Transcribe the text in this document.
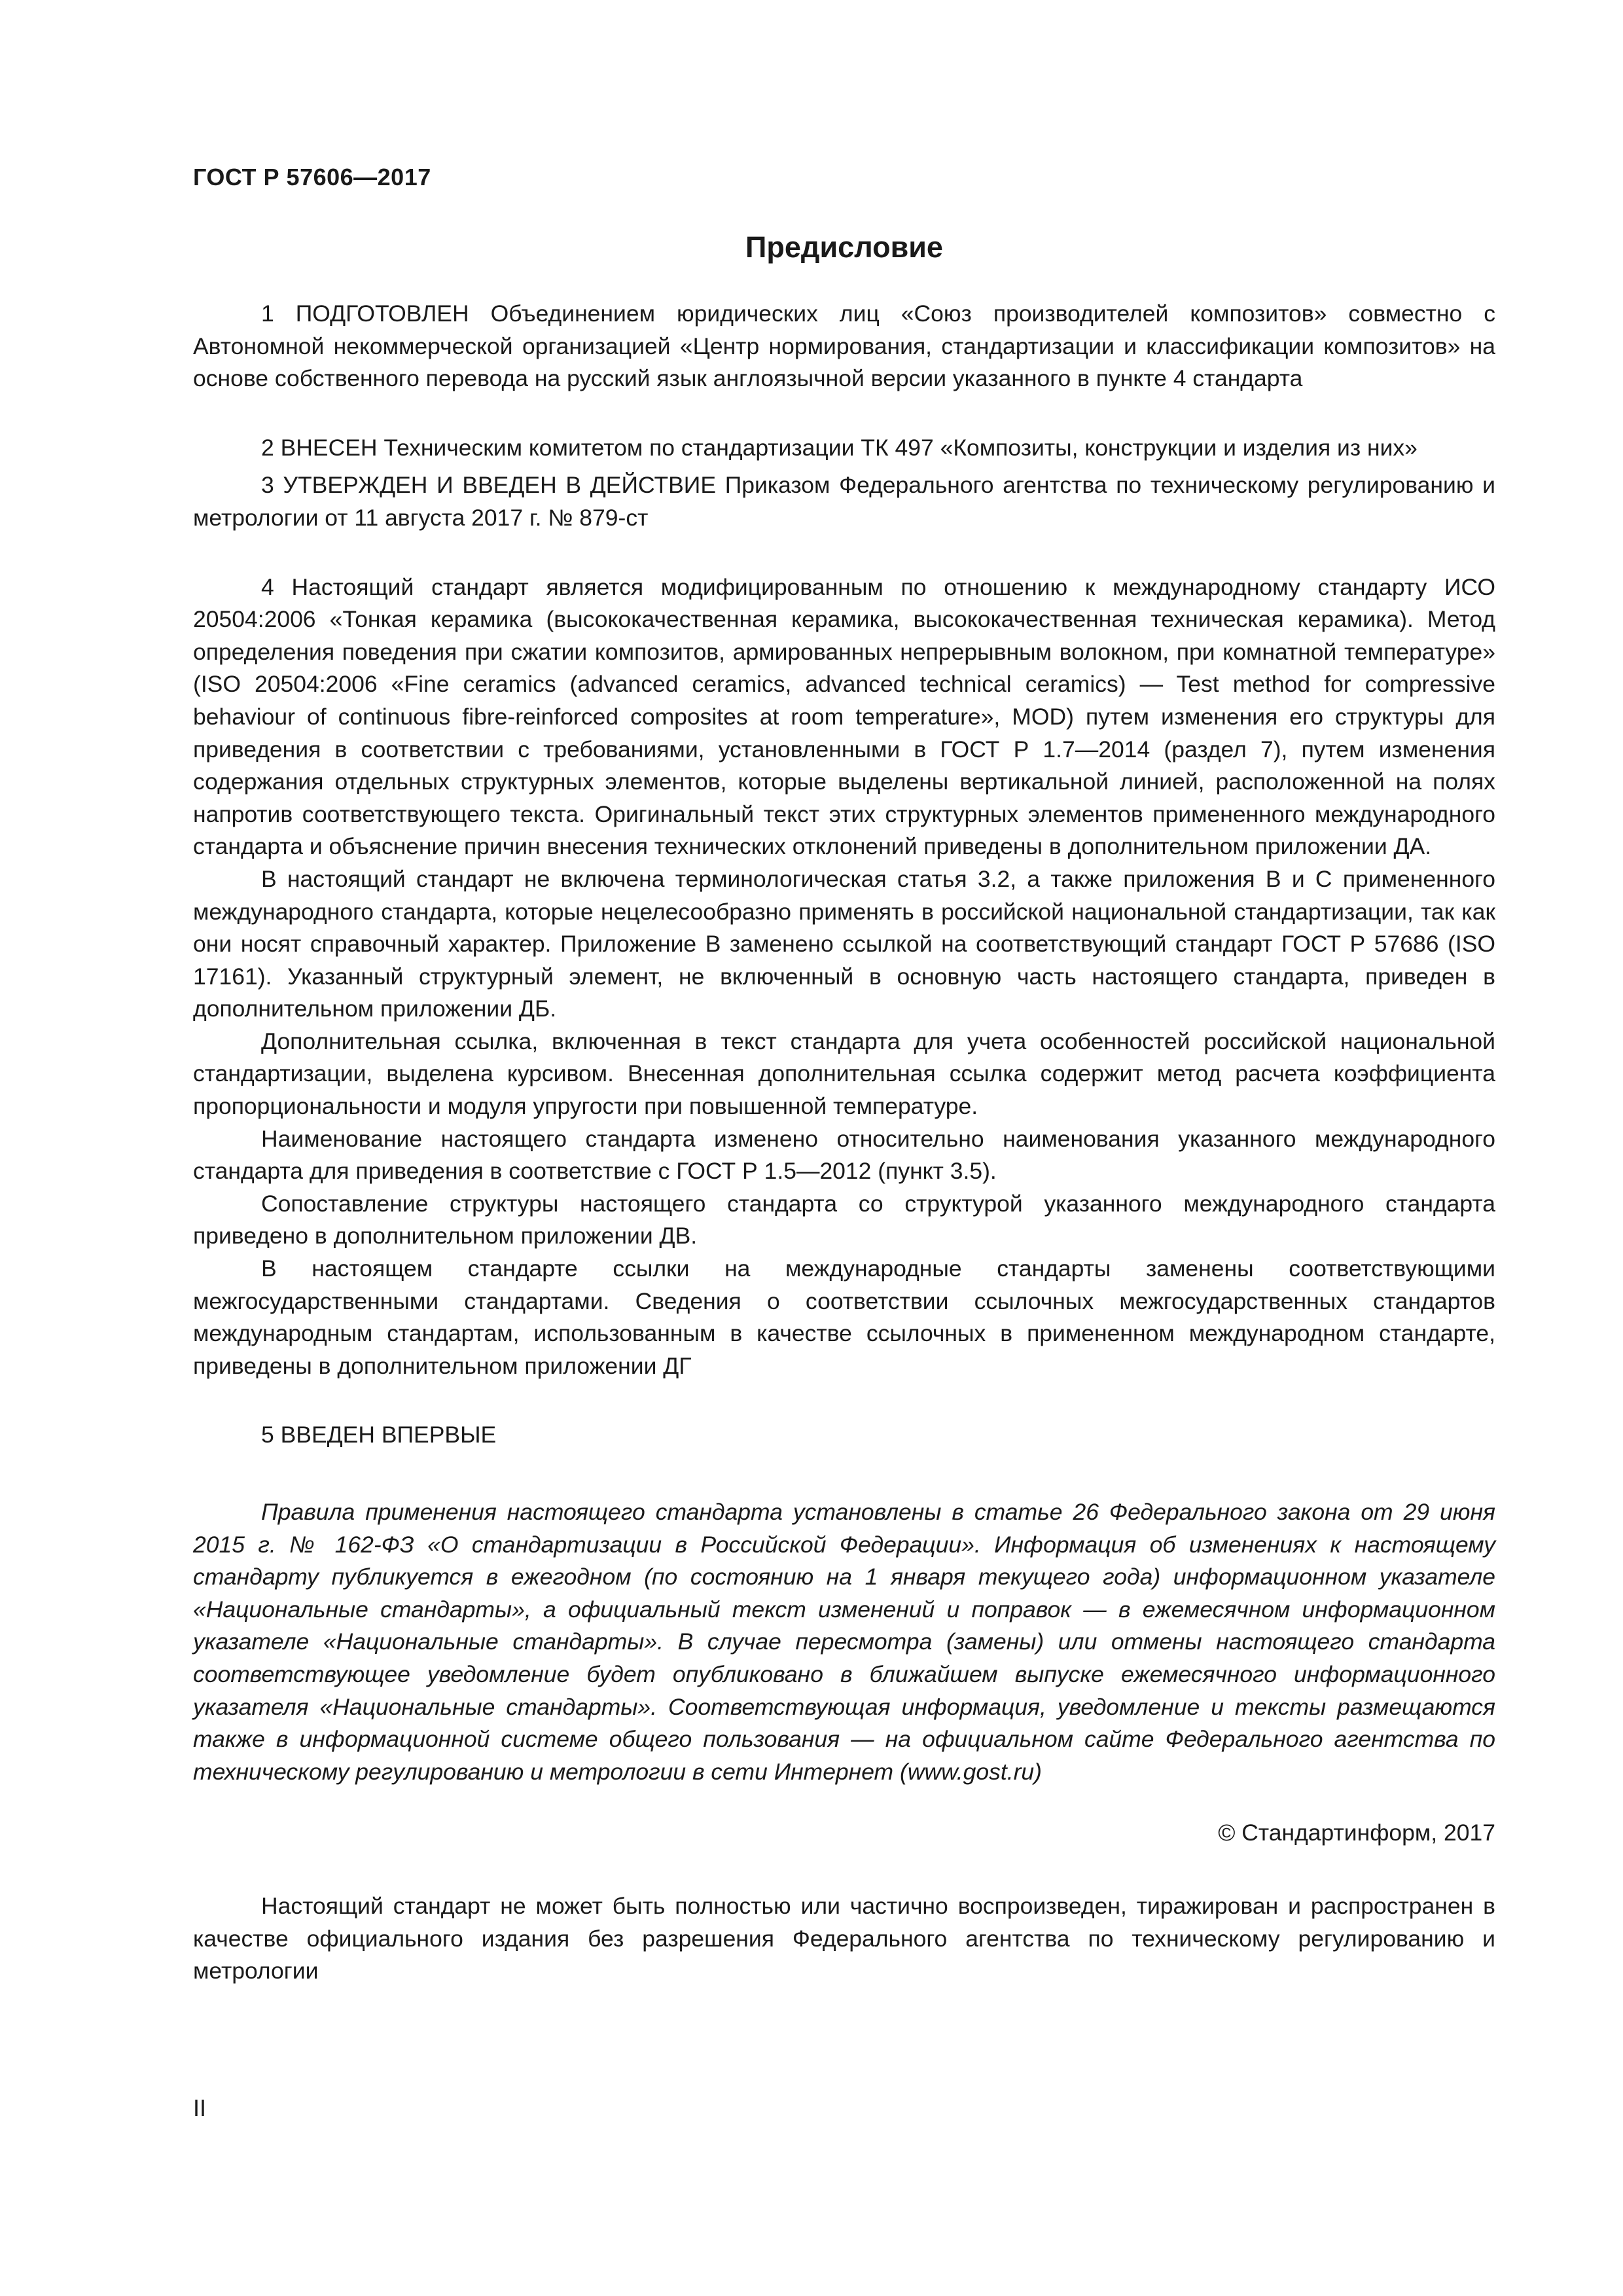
ГОСТ Р 57606—2017
Предисловие

1 ПОДГОТОВЛЕН Объединением юридических лиц «Союз производителей композитов» совместно с Автономной некоммерческой организацией «Центр нормирования, стандартизации и классификации композитов» на основе собственного перевода на русский язык англоязычной версии указанного в пункте 4 стандарта

2 ВНЕСЕН Техническим комитетом по стандартизации ТК 497 «Композиты, конструкции и изделия из них»

3 УТВЕРЖДЕН И ВВЕДЕН В ДЕЙСТВИЕ Приказом Федерального агентства по техническому регулированию и метрологии от 11 августа 2017 г. № 879-ст

4 Настоящий стандарт является модифицированным по отношению к международному стандарту ИСО 20504:2006 «Тонкая керамика (высококачественная керамика, высококачественная техническая керамика). Метод определения поведения при сжатии композитов, армированных непрерывным волокном, при комнатной температуре» (ISO 20504:2006 «Fine ceramics (advanced ceramics, advanced technical ceramics) — Test method for compressive behaviour of continuous fibre-reinforced composites at room temperature», MOD) путем изменения его структуры для приведения в соответствии с требованиями, установленными в ГОСТ Р 1.7—2014 (раздел 7), путем изменения содержания отдельных структурных элементов, которые выделены вертикальной линией, расположенной на полях напротив соответствующего текста. Оригинальный текст этих структурных элементов примененного международного стандарта и объяснение причин внесения технических отклонений приведены в дополнительном приложении ДА.

В настоящий стандарт не включена терминологическая статья 3.2, а также приложения В и С примененного международного стандарта, которые нецелесообразно применять в российской национальной стандартизации, так как они носят справочный характер. Приложение В заменено ссылкой на соответствующий стандарт ГОСТ Р 57686 (ISO 17161). Указанный структурный элемент, не включенный в основную часть настоящего стандарта, приведен в дополнительном приложении ДБ.

Дополнительная ссылка, включенная в текст стандарта для учета особенностей российской национальной стандартизации, выделена курсивом. Внесенная дополнительная ссылка содержит метод расчета коэффициента пропорциональности и модуля упругости при повышенной температуре.

Наименование настоящего стандарта изменено относительно наименования указанного международного стандарта для приведения в соответствие с ГОСТ Р 1.5—2012 (пункт 3.5).

Сопоставление структуры настоящего стандарта со структурой указанного международного стандарта приведено в дополнительном приложении ДВ.

В настоящем стандарте ссылки на международные стандарты заменены соответствующими межгосударственными стандартами. Сведения о соответствии ссылочных межгосударственных стандартов международным стандартам, использованным в качестве ссылочных в примененном международном стандарте, приведены в дополнительном приложении ДГ

5 ВВЕДЕН ВПЕРВЫЕ

Правила применения настоящего стандарта установлены в статье 26 Федерального закона от 29 июня 2015 г. № 162-ФЗ «О стандартизации в Российской Федерации». Информация об изменениях к настоящему стандарту публикуется в ежегодном (по состоянию на 1 января текущего года) информационном указателе «Национальные стандарты», а официальный текст изменений и поправок — в ежемесячном информационном указателе «Национальные стандарты». В случае пересмотра (замены) или отмены настоящего стандарта соответствующее уведомление будет опубликовано в ближайшем выпуске ежемесячного информационного указателя «Национальные стандарты». Соответствующая информация, уведомление и тексты размещаются также в информационной системе общего пользования — на официальном сайте Федерального агентства по техническому регулированию и метрологии в сети Интернет (www.gost.ru)

© Стандартинформ, 2017

Настоящий стандарт не может быть полностью или частично воспроизведен, тиражирован и распространен в качестве официального издания без разрешения Федерального агентства по техническому регулированию и метрологии

II
